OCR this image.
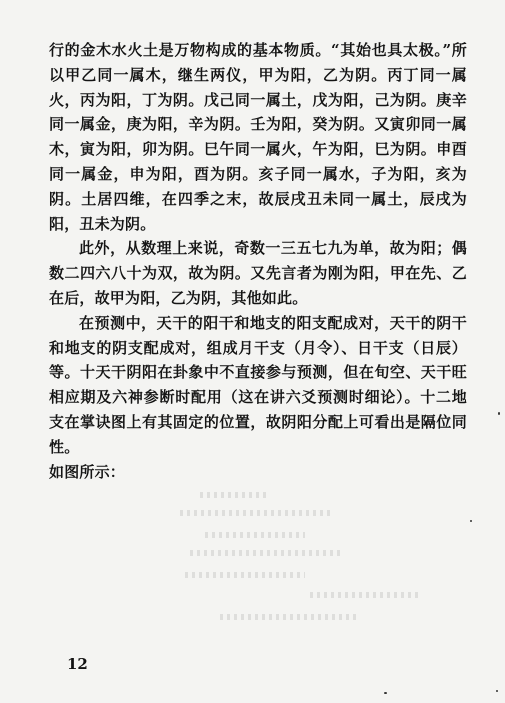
行的金木水火土是万物构成的基本物质。“其始也具太极。”所以甲乙同一属木，继生两仪，甲为阳，乙为阴。丙丁同一属火，丙为阳，丁为阴。戊己同一属土，戊为阳，己为阴。庚辛同一属金，庚为阳，辛为阴。壬为阳，癸为阴。又寅卯同一属木，寅为阳，卯为阴。巳午同一属火，午为阳，巳为阴。申酉同一属金，申为阳，酉为阴。亥子同一属水，子为阳，亥为阴。土居四维，在四季之末，故辰戌丑未同一属土，辰戌为阳，丑未为阴。

此外，从数理上来说，奇数一三五七九为单，故为阳；偶数二四六八十为双，故为阴。又先言者为刚为阳，甲在先、乙在后，故甲为阳，乙为阴，其他如此。

在预测中，天干的阳干和地支的阳支配成对，天干的阴干和地支的阴支配成对，组成月干支（月令）、日干支（日辰）等。十天干阴阳在卦象中不直接参与预测，但在旬空、天干旺相应期及六神参断时配用（这在讲六爻预测时细论）。十二地支在掌诀图上有其固定的位置，故阴阳分配上可看出是隔位同性。

如图所示：

12
